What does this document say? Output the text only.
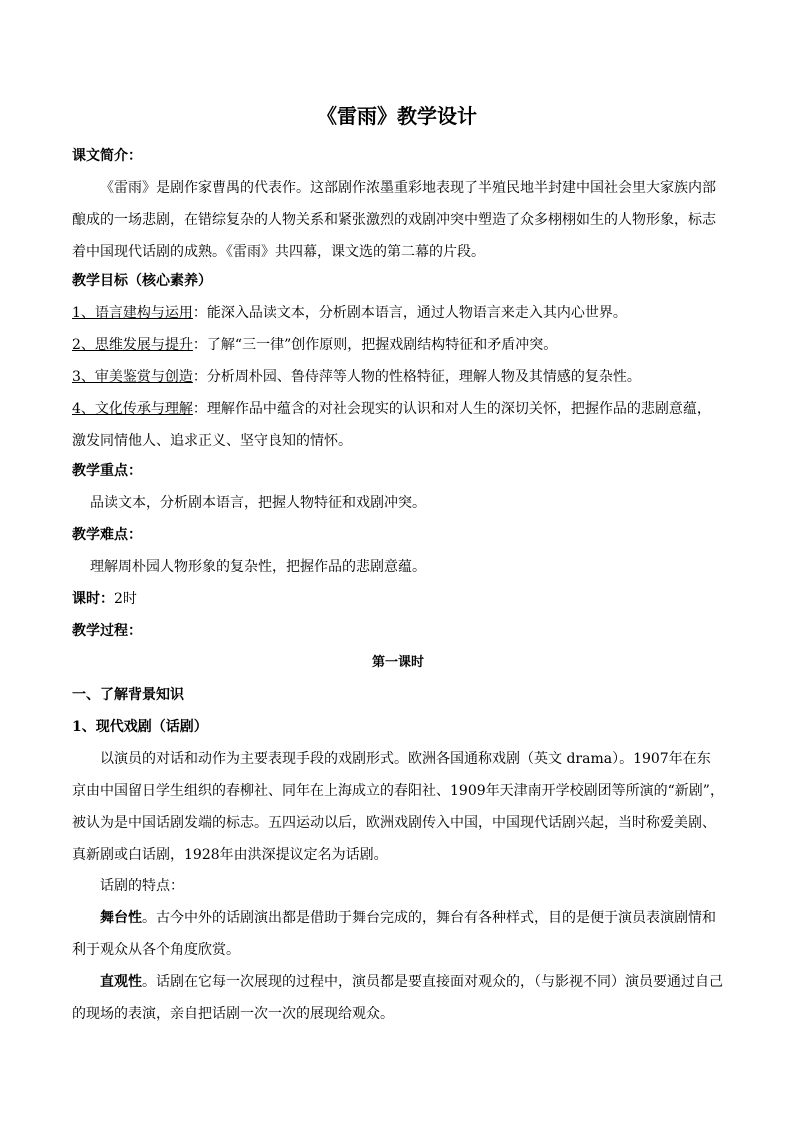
《雷雨》教学设计

课文简介：

《雷雨》是剧作家曹禺的代表作。这部剧作浓墨重彩地表现了半殖民地半封建中国社会里大家族内部酿成的一场悲剧，在错综复杂的人物关系和紧张激烈的戏剧冲突中塑造了众多栩栩如生的人物形象，标志着中国现代话剧的成熟。《雷雨》共四幕，课文选的第二幕的片段。

教学目标（核心素养）

1、语言建构与运用：能深入品读文本，分析剧本语言，通过人物语言来走入其内心世界。

2、思维发展与提升：了解“三一律”创作原则，把握戏剧结构特征和矛盾冲突。

3、审美鉴赏与创造：分析周朴园、鲁侍萍等人物的性格特征，理解人物及其情感的复杂性。

4、文化传承与理解：理解作品中蕴含的对社会现实的认识和对人生的深切关怀，把握作品的悲剧意蕴，激发同情他人、追求正义、坚守良知的情怀。

教学重点：

品读文本，分析剧本语言，把握人物特征和戏剧冲突。

教学难点：

理解周朴园人物形象的复杂性，把握作品的悲剧意蕴。

课时：2时

教学过程：

第一课时

一、了解背景知识

1、现代戏剧（话剧）

以演员的对话和动作为主要表现手段的戏剧形式。欧洲各国通称戏剧（英文 drama）。1907年在东京由中国留日学生组织的春柳社、同年在上海成立的春阳社、1909年天津南开学校剧团等所演的“新剧”，被认为是中国话剧发端的标志。五四运动以后，欧洲戏剧传入中国，中国现代话剧兴起，当时称爱美剧、真新剧或白话剧，1928年由洪深提议定名为话剧。

话剧的特点：

舞台性。古今中外的话剧演出都是借助于舞台完成的，舞台有各种样式，目的是便于演员表演剧情和利于观众从各个角度欣赏。

直观性。话剧在它每一次展现的过程中，演员都是要直接面对观众的，（与影视不同）演员要通过自己的现场的表演，亲自把话剧一次一次的展现给观众。
